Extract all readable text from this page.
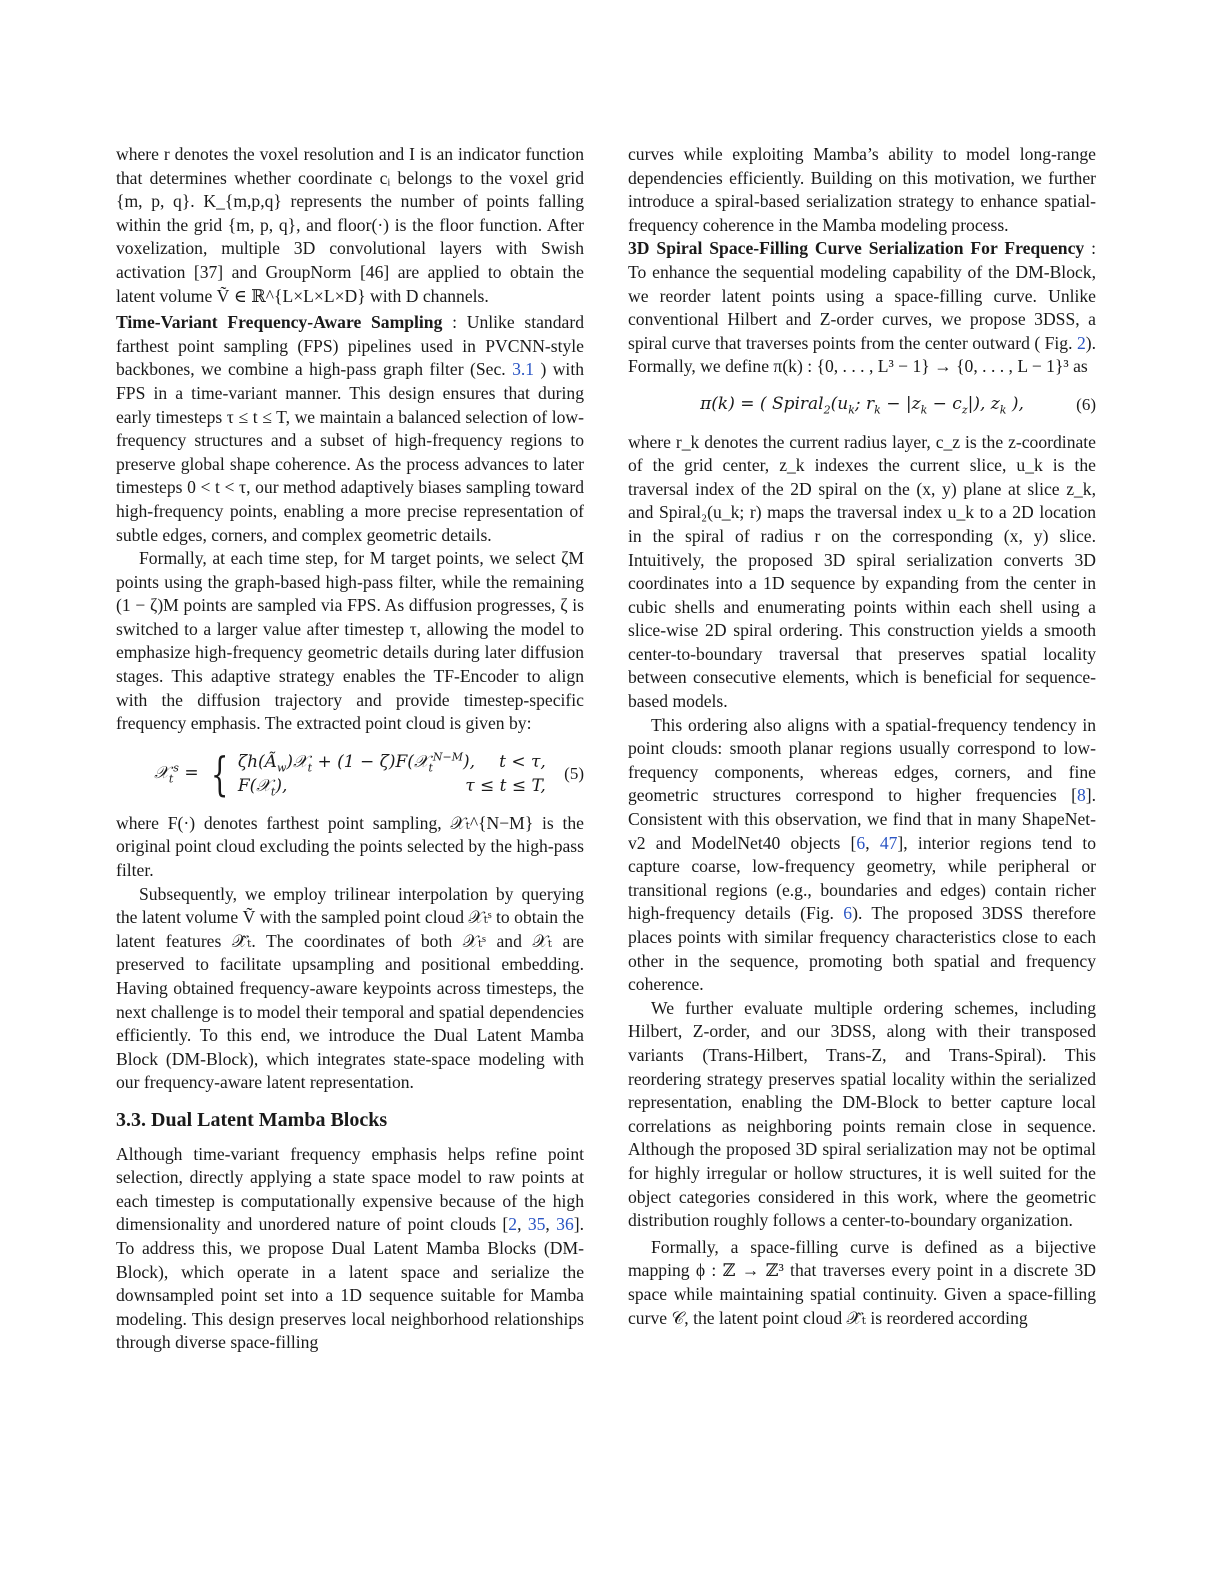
where r denotes the voxel resolution and I is an indicator function that determines whether coordinate cᵢ belongs to the voxel grid {m, p, q}. K_{m,p,q} represents the number of points falling within the grid {m, p, q}, and floor(·) is the floor function. After voxelization, multiple 3D convolutional layers with Swish activation [37] and GroupNorm [46] are applied to obtain the latent volume Ṽ ∈ ℝ^{L×L×L×D} with D channels.

Time-Variant Frequency-Aware Sampling : Unlike standard farthest point sampling (FPS) pipelines used in PVCNN-style backbones, we combine a high-pass graph filter (Sec. 3.1 ) with FPS in a time-variant manner. This design ensures that during early timesteps τ ≤ t ≤ T, we maintain a balanced selection of low-frequency structures and a subset of high-frequency regions to preserve global shape coherence. As the process advances to later timesteps 0 < t < τ, our method adaptively biases sampling toward high-frequency points, enabling a more precise representation of subtle edges, corners, and complex geometric details.

Formally, at each time step, for M target points, we select ζM points using the graph-based high-pass filter, while the remaining (1 − ζ)M points are sampled via FPS. As diffusion progresses, ζ is switched to a larger value after timestep τ, allowing the model to emphasize high-frequency geometric details during later diffusion stages. This adaptive strategy enables the TF-Encoder to align with the diffusion trajectory and provide timestep-specific frequency emphasis. The extracted point cloud is given by:

𝒳$_t^s$ = { $\zeta h(Ã_w)𝒳_t + (1$ − ζ)F(𝒳$_t^{N-M}$), t < τ,
F(𝒳$_t$),	τ ≤ t ≤ T,
(5)

where F(·) denotes farthest point sampling, 𝒳ₜ^{N−M} is the original point cloud excluding the points selected by the high-pass filter.

Subsequently, we employ trilinear interpolation by querying the latent volume Ṽ with the sampled point cloud 𝒳ₜˢ to obtain the latent features 𝒳̂ₜ. The coordinates of both 𝒳ₜˢ and 𝒳ₜ are preserved to facilitate upsampling and positional embedding. Having obtained frequency-aware keypoints across timesteps, the next challenge is to model their temporal and spatial dependencies efficiently. To this end, we introduce the Dual Latent Mamba Block (DM-Block), which integrates state-space modeling with our frequency-aware latent representation.

3.3. Dual Latent Mamba Blocks

Although time-variant frequency emphasis helps refine point selection, directly applying a state space model to raw points at each timestep is computationally expensive because of the high dimensionality and unordered nature of point clouds [2, 35, 36]. To address this, we propose Dual Latent Mamba Blocks (DM-Block), which operate in a latent space and serialize the downsampled point set into a 1D sequence suitable for Mamba modeling. This design preserves local neighborhood relationships through diverse space-filling

curves while exploiting Mamba’s ability to model long-range dependencies efficiently. Building on this motivation, we further introduce a spiral-based serialization strategy to enhance spatial-frequency coherence in the Mamba modeling process.

3D Spiral Space-Filling Curve Serialization For Frequency : To enhance the sequential modeling capability of the DM-Block, we reorder latent points using a space-filling curve. Unlike conventional Hilbert and Z-order curves, we propose 3DSS, a spiral curve that traverses points from the center outward ( Fig. 2). Formally, we define π(k) : {0, . . . , L³ − 1} → {0, . . . , L − 1}³ as

π(k) = ( $Spiral_2(u_k$; $r_k - |z_k - c_z|$), $z_k$ ),	(6)

where r_k denotes the current radius layer, c_z is the z-coordinate of the grid center, z_k indexes the current slice, u_k is the traversal index of the 2D spiral on the (x, y) plane at slice z_k, and Spiral₂(u_k; r) maps the traversal index u_k to a 2D location in the spiral of radius r on the corresponding (x, y) slice. Intuitively, the proposed 3D spiral serialization converts 3D coordinates into a 1D sequence by expanding from the center in cubic shells and enumerating points within each shell using a slice-wise 2D spiral ordering. This construction yields a smooth center-to-boundary traversal that preserves spatial locality between consecutive elements, which is beneficial for sequence-based models.

This ordering also aligns with a spatial-frequency tendency in point clouds: smooth planar regions usually correspond to low-frequency components, whereas edges, corners, and fine geometric structures correspond to higher frequencies [8]. Consistent with this observation, we find that in many ShapeNet-v2 and ModelNet40 objects [6, 47], interior regions tend to capture coarse, low-frequency geometry, while peripheral or transitional regions (e.g., boundaries and edges) contain richer high-frequency details (Fig. 6). The proposed 3DSS therefore places points with similar frequency characteristics close to each other in the sequence, promoting both spatial and frequency coherence.

We further evaluate multiple ordering schemes, including Hilbert, Z-order, and our 3DSS, along with their transposed variants (Trans-Hilbert, Trans-Z, and Trans-Spiral). This reordering strategy preserves spatial locality within the serialized representation, enabling the DM-Block to better capture local correlations as neighboring points remain close in sequence. Although the proposed 3D spiral serialization may not be optimal for highly irregular or hollow structures, it is well suited for the object categories considered in this work, where the geometric distribution roughly follows a center-to-boundary organization.

Formally, a space-filling curve is defined as a bijective mapping ϕ : ℤ → ℤ³ that traverses every point in a discrete 3D space while maintaining spatial continuity. Given a space-filling curve 𝒞, the latent point cloud 𝒳̂ₜ is reordered according
